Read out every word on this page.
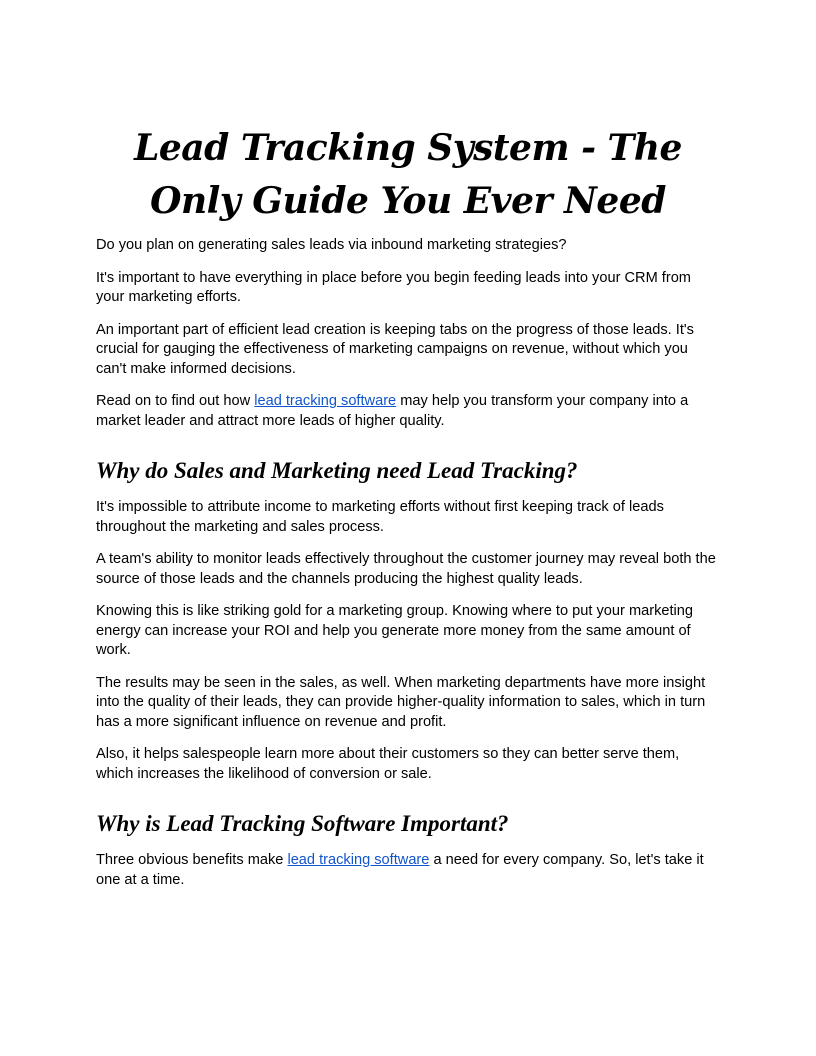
Lead Tracking System - The Only Guide You Ever Need

Do you plan on generating sales leads via inbound marketing strategies?

It's important to have everything in place before you begin feeding leads into your CRM from your marketing efforts.

An important part of efficient lead creation is keeping tabs on the progress of those leads. It's crucial for gauging the effectiveness of marketing campaigns on revenue, without which you can't make informed decisions.

Read on to find out how lead tracking software may help you transform your company into a market leader and attract more leads of higher quality.

Why do Sales and Marketing need Lead Tracking?

It's impossible to attribute income to marketing efforts without first keeping track of leads throughout the marketing and sales process.

A team's ability to monitor leads effectively throughout the customer journey may reveal both the source of those leads and the channels producing the highest quality leads.

Knowing this is like striking gold for a marketing group. Knowing where to put your marketing energy can increase your ROI and help you generate more money from the same amount of work.

The results may be seen in the sales, as well. When marketing departments have more insight into the quality of their leads, they can provide higher-quality information to sales, which in turn has a more significant influence on revenue and profit.

Also, it helps salespeople learn more about their customers so they can better serve them, which increases the likelihood of conversion or sale.

Why is Lead Tracking Software Important?

Three obvious benefits make lead tracking software a need for every company. So, let's take it one at a time.
